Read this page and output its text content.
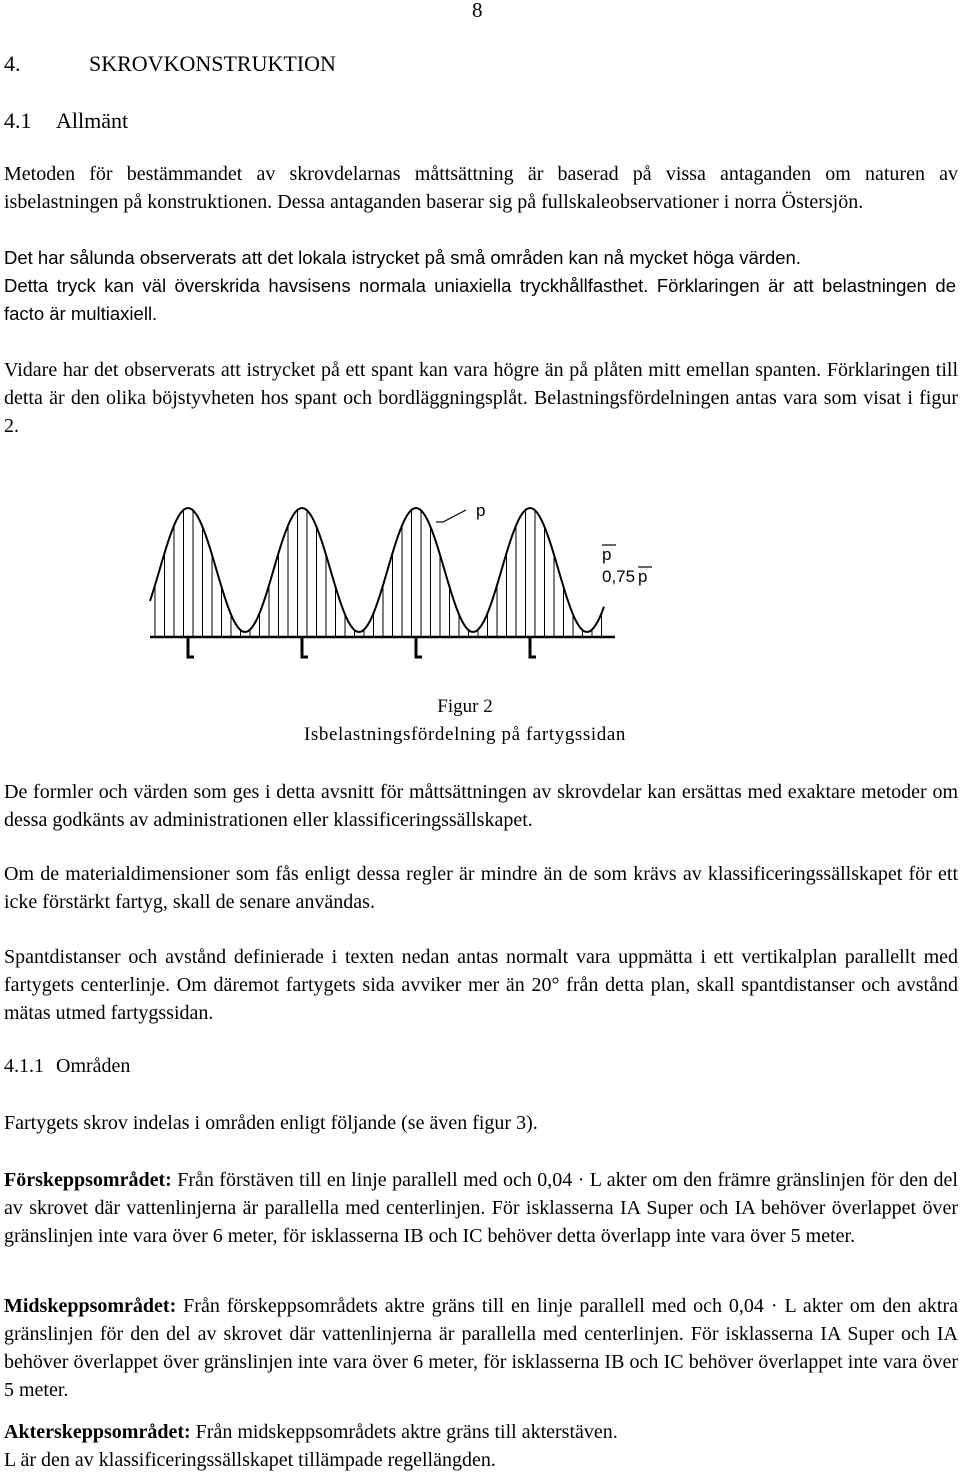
8
4.	SKROVKONSTRUKTION
4.1 Allmänt

Metoden för bestämmandet av skrovdelarnas måttsättning är baserad på vissa antaganden om naturen av isbelastningen på konstruktionen. Dessa antaganden baserar sig på fullskaleobservationer i norra Östersjön.

Det har sålunda observerats att det lokala istrycket på små områden kan nå mycket höga värden.

Detta tryck kan väl överskrida havsisens normala uniaxiella tryckhållfasthet. Förklaringen är att belastningen de facto är multiaxiell.

Vidare har det observerats att istrycket på ett spant kan vara högre än på plåten mitt emellan spanten. Förklaringen till detta är den olika böjstyvheten hos spant och bordläggningsplåt. Belastningsfördelningen antas vara som visat i figur 2.

p
p
0,75 p
Figur 2
Isbelastningsfördelning på fartygssidan

De formler och värden som ges i detta avsnitt för måttsättningen av skrovdelar kan ersättas med exaktare metoder om dessa godkänts av administrationen eller klassificeringssällskapet.

Om de materialdimensioner som fås enligt dessa regler är mindre än de som krävs av klassificeringssällskapet för ett icke förstärkt fartyg, skall de senare användas.

Spantdistanser och avstånd definierade i texten nedan antas normalt vara uppmätta i ett vertikalplan parallellt med fartygets centerlinje. Om däremot fartygets sida avviker mer än 20° från detta plan, skall spantdistanser och avstånd mätas utmed fartygssidan.

4.1.1 Områden

Fartygets skrov indelas i områden enligt följande (se även figur 3).

Förskeppsområdet: Från förstäven till en linje parallell med och 0,04 · L akter om den främre gränslinjen för den del av skrovet där vattenlinjerna är parallella med centerlinjen. För isklasserna IA Super och IA behöver överlappet över gränslinjen inte vara över 6 meter, för isklasserna IB och IC behöver detta överlapp inte vara över 5 meter.

Midskeppsområdet: Från förskeppsområdets aktre gräns till en linje parallell med och 0,04 · L akter om den aktra gränslinjen för den del av skrovet där vattenlinjerna är parallella med centerlinjen. För isklasserna IA Super och IA behöver överlappet över gränslinjen inte vara över 6 meter, för isklasserna IB och IC behöver överlappet inte vara över 5 meter.

Akterskeppsområdet: Från midskeppsområdets aktre gräns till akterstäven.

L är den av klassificeringssällskapet tillämpade regellängden.
